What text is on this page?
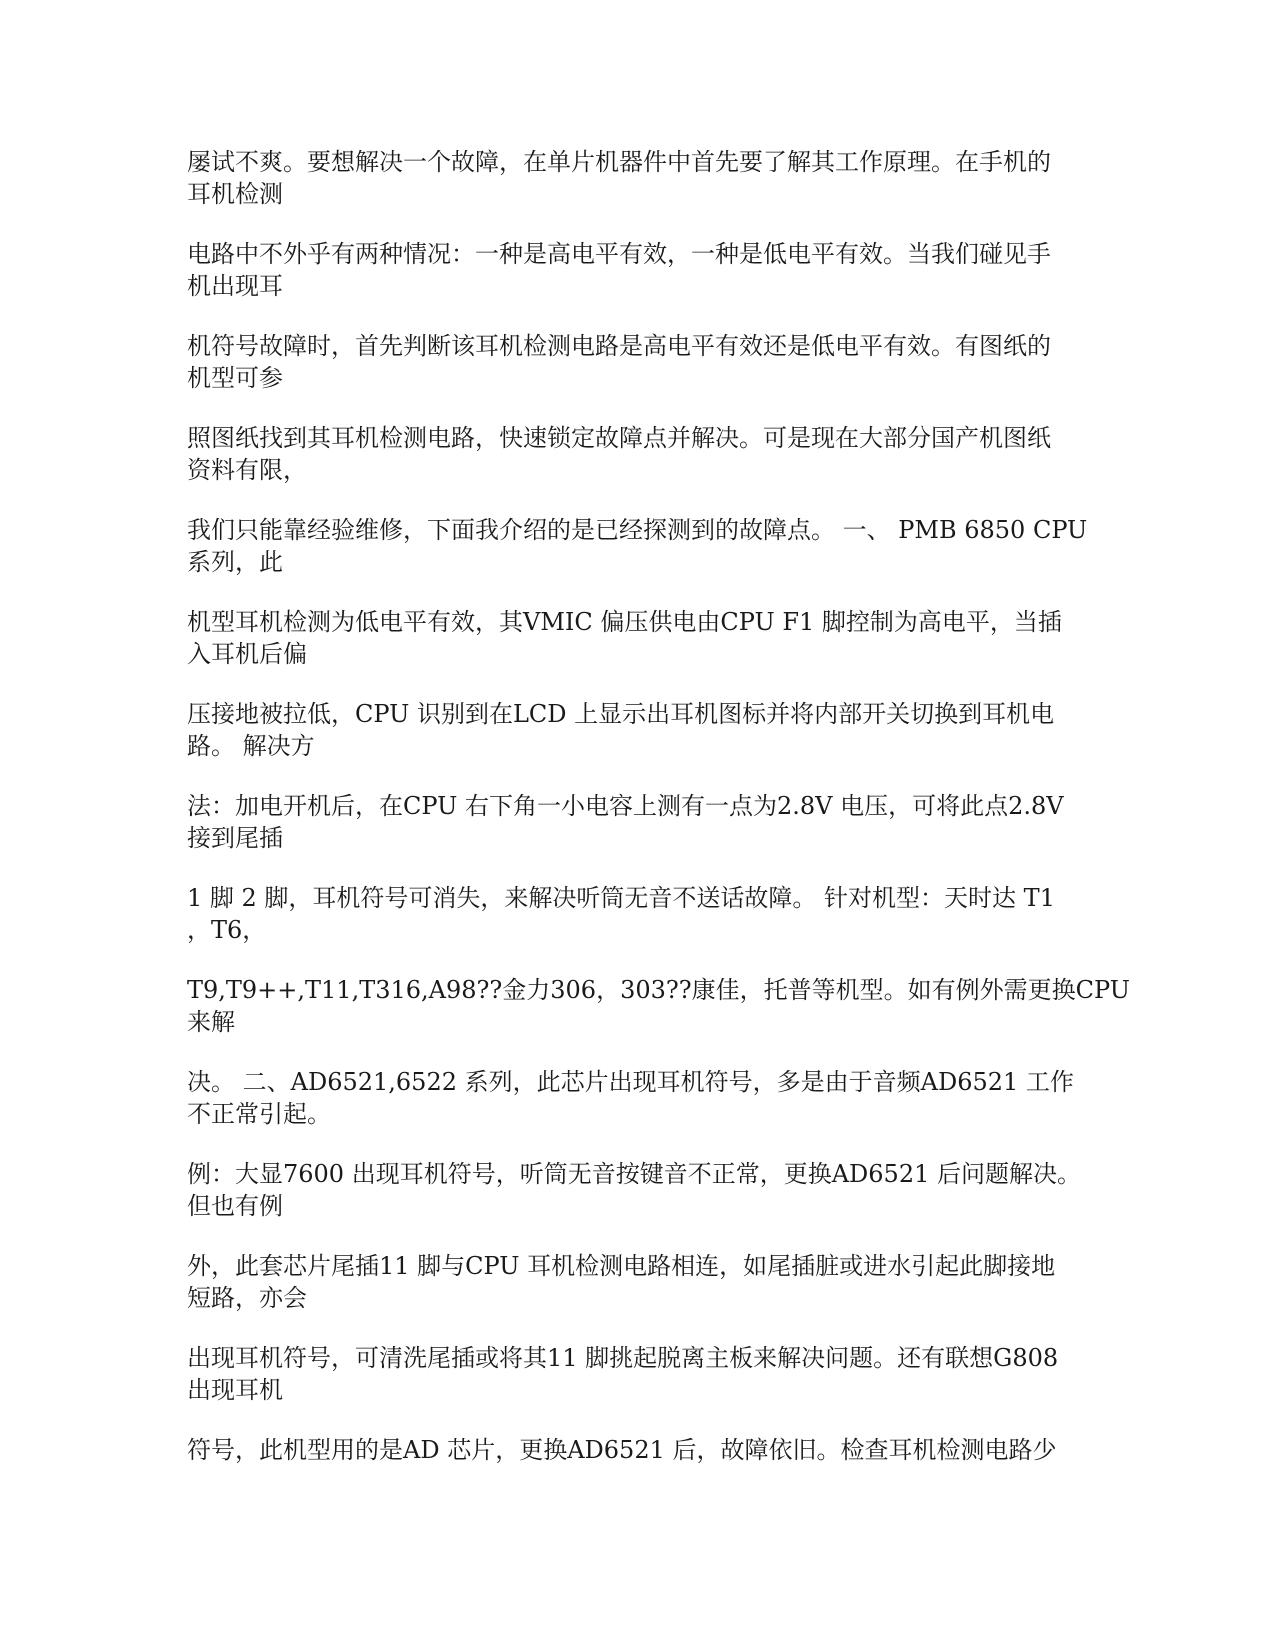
屡试不爽。要想解决一个故障，在单片机器件中首先要了解其工作原理。在手机的
耳机检测

电路中不外乎有两种情况：一种是高电平有效，一种是低电平有效。当我们碰见手
机出现耳

机符号故障时，首先判断该耳机检测电路是高电平有效还是低电平有效。有图纸的
机型可参

照图纸找到其耳机检测电路，快速锁定故障点并解决。可是现在大部分国产机图纸
资料有限，

我们只能靠经验维修，下面我介绍的是已经探测到的故障点。 一、 PMB 6850 CPU
系列，此

机型耳机检测为低电平有效，其VMIC 偏压供电由CPU F1 脚控制为高电平，当插
入耳机后偏

压接地被拉低，CPU 识别到在LCD 上显示出耳机图标并将内部开关切换到耳机电
路。 解决方

法：加电开机后，在CPU 右下角一小电容上测有一点为2.8V 电压，可将此点2.8V
接到尾插

1 脚 2 脚，耳机符号可消失，来解决听筒无音不送话故障。 针对机型：天时达 T1
，T6，

T9,T9++,T11,T316,A98??金力306，303??康佳，托普等机型。如有例外需更换CPU
来解

决。 二、AD6521,6522 系列，此芯片出现耳机符号，多是由于音频AD6521 工作
不正常引起。

例：大显7600 出现耳机符号，听筒无音按键音不正常，更换AD6521 后问题解决。
但也有例

外，此套芯片尾插11 脚与CPU 耳机检测电路相连，如尾插脏或进水引起此脚接地
短路，亦会

出现耳机符号，可清洗尾插或将其11 脚挑起脱离主板来解决问题。还有联想G808
出现耳机

符号，此机型用的是AD 芯片，更换AD6521 后，故障依旧。检查耳机检测电路少
